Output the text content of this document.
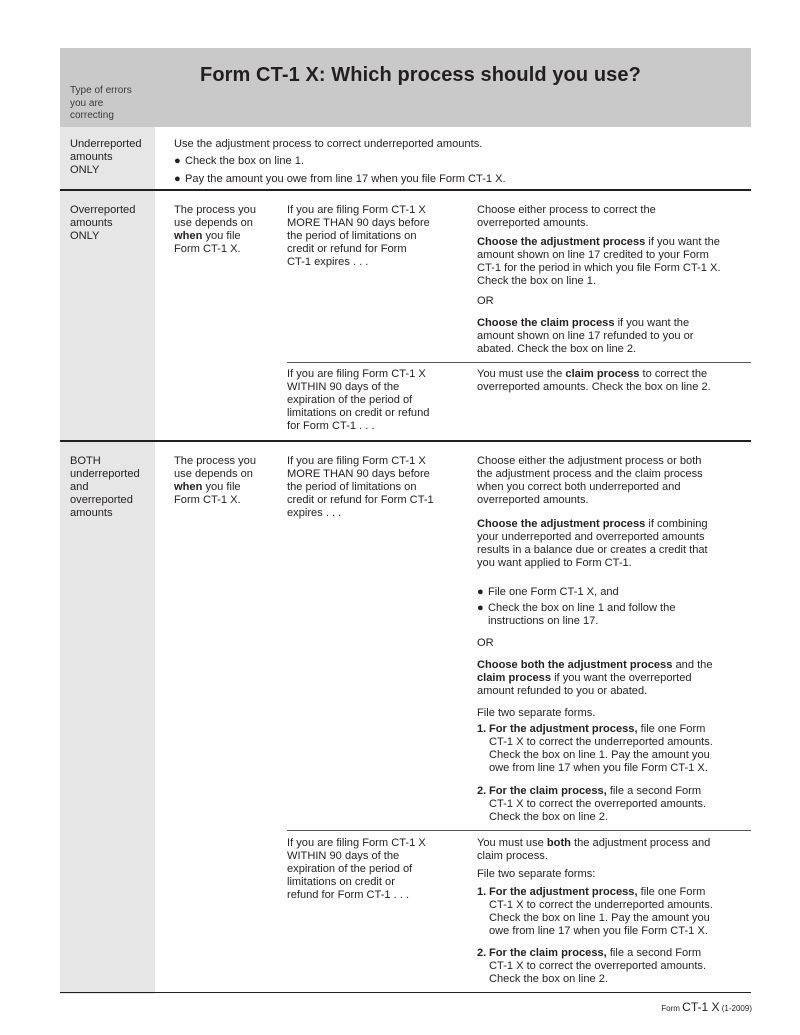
Type of errors
you are
correcting
Form CT-1 X: Which process should you use?
Underreported
amounts
ONLY
Use the adjustment process to correct underreported amounts.
● Check the box on line 1.
● Pay the amount you owe from line 17 when you file Form CT-1 X.
Overreported
amounts
ONLY
The process you
use depends on
when you file
Form CT-1 X.
If you are filing Form CT-1 X
MORE THAN 90 days before
the period of limitations on
credit or refund for Form
CT-1 expires . . .
Choose either process to correct the
overreported amounts.
Choose the adjustment process if you want the
amount shown on line 17 credited to your Form
CT-1 for the period in which you file Form CT-1 X.
Check the box on line 1.
OR
Choose the claim process if you want the
amount shown on line 17 refunded to you or
abated. Check the box on line 2.
If you are filing Form CT-1 X
WITHIN 90 days of the
expiration of the period of
limitations on credit or refund
for Form CT-1 . . .
You must use the claim process to correct the
overreported amounts. Check the box on line 2.
BOTH
underreported
and
overreported
amounts
The process you
use depends on
when you file
Form CT-1 X.
If you are filing Form CT-1 X
MORE THAN 90 days before
the period of limitations on
credit or refund for Form CT-1
expires . . .
Choose either the adjustment process or both
the adjustment process and the claim process
when you correct both underreported and
overreported amounts.
Choose the adjustment process if combining
your underreported and overreported amounts
results in a balance due or creates a credit that
you want applied to Form CT-1.
● File one Form CT-1 X, and
● Check the box on line 1 and follow the
instructions on line 17.
OR
Choose both the adjustment process and the
claim process if you want the overreported
amount refunded to you or abated.
File two separate forms.
1. For the adjustment process, file one Form
CT-1 X to correct the underreported amounts.
Check the box on line 1. Pay the amount you
owe from line 17 when you file Form CT-1 X.
2. For the claim process, file a second Form
CT-1 X to correct the overreported amounts.
Check the box on line 2.
If you are filing Form CT-1 X
WITHIN 90 days of the
expiration of the period of
limitations on credit or
refund for Form CT-1 . . .
You must use both the adjustment process and
claim process.
File two separate forms:
1. For the adjustment process, file one Form
CT-1 X to correct the underreported amounts.
Check the box on line 1. Pay the amount you
owe from line 17 when you file Form CT-1 X.
2. For the claim process, file a second Form
CT-1 X to correct the overreported amounts.
Check the box on line 2.
Form CT-1 X (1-2009)
